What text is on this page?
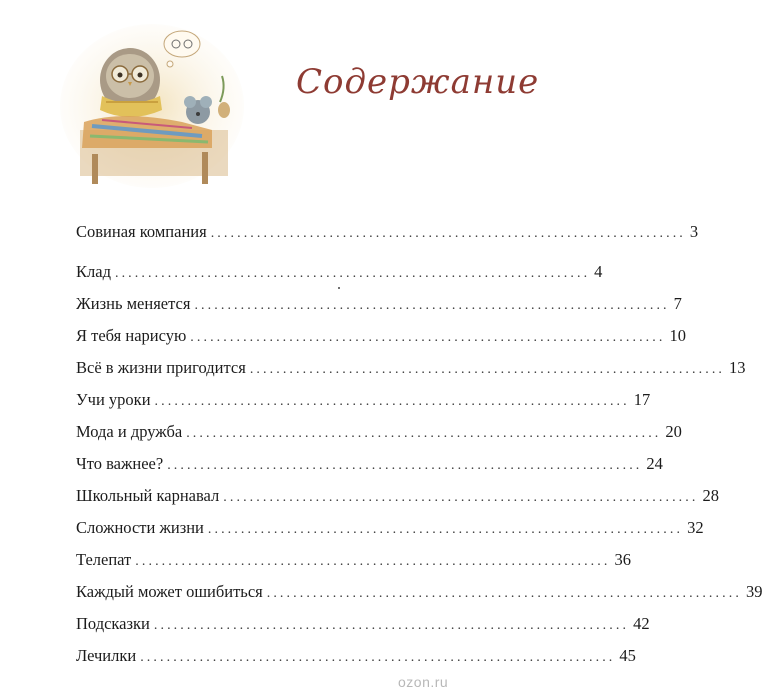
Содержание
Совиная компания ........................................................................ 3
Клад ........................................................................ 4
Жизнь меняется ........................................................................ 7
Я тебя нарисую ........................................................................ 10
Всё в жизни пригодится ........................................................................ 13
Учи уроки ........................................................................ 17
Мода и дружба ........................................................................ 20
Что важнее? ........................................................................ 24
Школьный карнавал ........................................................................ 28
Сложности жизни ........................................................................ 32
Телепат ........................................................................ 36
Каждый может ошибиться ........................................................................ 39
Подсказки ........................................................................ 42
Лечилки ........................................................................ 45
ozon.ru
